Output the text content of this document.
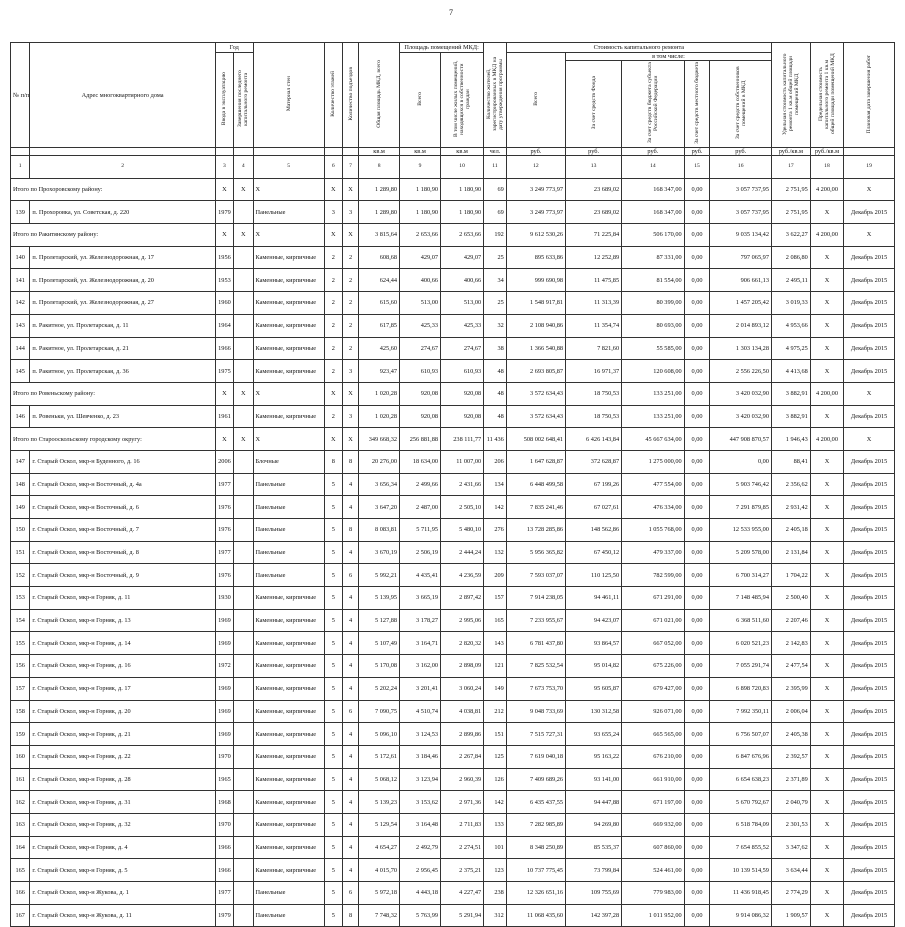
7
№ п/п	Адрес многоквартирного дома	Год		Материал стен	Количество этажей	Количество подъездов	Общая площадь МКД, всего	Площадь помещений МКД:		Количество жителей, зарегистрированных в МКД на дату утверждения программы	Стоимость капитального ремонта					Удельная стоимость капитального ремонта 1 кв.м общей площади помещений МКД	Предельная стоимость капитального ремонта 1 кв.м общей площади помещений МКД	Плановая дата завершения работ
		Ввода в эксплуатацию	Завершения последнего капитального ремонта					Всего	В том числе жилых помещений, находящихся в собственности граждан		Всего	в том числе:						
												За счет средств Фонда	За счет средств бюджета субъекта Российской Федерации	За счет средств местного бюджета	За счет средств собственников помещений в МКД			
							кв.м	кв.м	кв.м	чел.	руб.	руб.	руб.	руб.	руб.	руб./кв.м	руб./кв.м	
1	2	3	4	5	6	7	8	9	10	11	12	13	14	15	16	17	18	19
Итого по Прохоровскому району:		X	X	X	X	X	1 289,80	1 180,90	1 180,90	69	3 249 773,97	23 689,02	168 347,00	0,00	3 057 737,95	2 751,95	4 200,00	X
139	п. Прохоровка, ул. Советская, д. 220	1979		Панельные	3	3	1 289,80	1 180,90	1 180,90	69	3 249 773,97	23 689,02	168 347,00	0,00	3 057 737,95	2 751,95	X	Декабрь 2015
Итого по Ракитянскому району:		X	X	X	X	X	3 815,64	2 653,66	2 653,66	192	9 612 530,26	71 225,84	506 170,00	0,00	9 035 134,42	3 622,27	4 200,00	X
140	п. Пролетарский, ул. Железнодорожная, д. 17	1956		Каменные, кирпичные	2	2	608,68	429,07	429,07	25	895 633,86	12 252,89	87 331,00	0,00	797 065,97	2 086,80	X	Декабрь 2015
141	п. Пролетарский, ул. Железнодорожная, д. 20	1953		Каменные, кирпичные	2	2	624,44	400,66	400,66	34	999 690,98	11 475,85	81 554,00	0,00	906 661,13	2 495,11	X	Декабрь 2015
142	п. Пролетарский, ул. Железнодорожная, д. 27	1960		Каменные, кирпичные	2	2	615,60	513,00	513,00	25	1 548 917,81	11 313,39	80 399,00	0,00	1 457 205,42	3 019,33	X	Декабрь 2015
143	п. Ракитное, ул. Пролетарская, д. 11	1964		Каменные, кирпичные	2	2	617,85	425,33	425,33	32	2 108 940,86	11 354,74	80 693,00	0,00	2 014 893,12	4 953,66	X	Декабрь 2015
144	п. Ракитное, ул. Пролетарская, д. 21	1966		Каменные, кирпичные	2	2	425,60	274,67	274,67	38	1 366 540,88	7 821,60	55 585,00	0,00	1 303 134,28	4 975,25	X	Декабрь 2015
145	п. Ракитное, ул. Пролетарская, д. 36	1975		Каменные, кирпичные	2	3	923,47	610,93	610,93	48	2 693 805,87	16 971,37	120 608,00	0,00	2 556 226,50	4 413,68	X	Декабрь 2015
Итого по Ровеньскому району:		X	X	X	X	X	1 020,28	920,08	920,08	48	3 572 634,43	18 750,53	133 251,00	0,00	3 420 032,90	3 882,91	4 200,00	X
146	п. Ровеньки, ул. Шевченко, д. 23	1961		Каменные, кирпичные	2	3	1 020,28	920,08	920,08	48	3 572 634,43	18 750,53	133 251,00	0,00	3 420 032,90	3 882,91	X	Декабрь 2015
Итого по Старооскольскому городскому округу:		X	X	X	X	X	349 668,32	256 881,88	238 111,77	11 436	508 002 648,41	6 426 143,84	45 667 634,00	0,00	447 908 870,57	1 946,43	4 200,00	X
147	г. Старый Оскол, мкр-н Буденного, д. 16	2006		Блочные	8	8	20 276,00	18 634,00	11 007,00	206	1 647 628,87	372 628,87	1 275 000,00	0,00	0,00	88,41	X	Декабрь 2015
148	г. Старый Оскол, мкр-н Восточный, д. 4а	1977		Панельные	5	4	3 656,34	2 499,66	2 431,66	134	6 448 499,58	67 199,26	477 554,00	0,00	5 903 746,42	2 356,62	X	Декабрь 2015
149	г. Старый Оскол, мкр-н Восточный, д. 6	1976		Панельные	5	4	3 647,20	2 487,00	2 505,10	142	7 835 241,46	67 027,61	476 334,00	0,00	7 291 879,85	2 931,42	X	Декабрь 2015
150	г. Старый Оскол, мкр-н Восточный, д. 7	1976		Панельные	5	8	8 083,81	5 711,95	5 480,10	276	13 728 285,86	148 562,86	1 055 768,00	0,00	12 533 955,00	2 405,18	X	Декабрь 2015
151	г. Старый Оскол, мкр-н Восточный, д. 8	1977		Панельные	5	4	3 670,19	2 506,19	2 444,24	132	5 956 365,82	67 450,12	479 337,00	0,00	5 209 578,00	2 131,84	X	Декабрь 2015
152	г. Старый Оскол, мкр-н Восточный, д. 9	1976		Панельные	5	6	5 992,21	4 435,41	4 236,59	209	7 593 037,07	110 125,50	782 599,00	0,00	6 700 314,27	1 704,22	X	Декабрь 2015
153	г. Старый Оскол, мкр-н Горняк, д. 11	1930		Каменные, кирпичные	5	4	5 139,95	3 665,19	2 897,42	157	7 914 238,05	94 461,11	671 291,00	0,00	7 148 485,94	2 500,40	X	Декабрь 2015
154	г. Старый Оскол, мкр-н Горняк, д. 13	1969		Каменные, кирпичные	5	4	5 127,88	3 178,27	2 995,06	165	7 233 955,67	94 423,07	671 021,00	0,00	6 368 511,60	2 207,46	X	Декабрь 2015
155	г. Старый Оскол, мкр-н Горняк, д. 14	1969		Каменные, кирпичные	5	4	5 107,49	3 164,71	2 820,32	143	6 781 437,80	93 864,57	667 052,00	0,00	6 020 521,23	2 142,83	X	Декабрь 2015
156	г. Старый Оскол, мкр-н Горняк, д. 16	1972		Каменные, кирпичные	5	4	5 170,08	3 162,00	2 898,09	121	7 825 532,54	95 014,82	675 226,00	0,00	7 055 291,74	2 477,54	X	Декабрь 2015
157	г. Старый Оскол, мкр-н Горняк, д. 17	1969		Каменные, кирпичные	5	4	5 202,24	3 201,41	3 060,24	149	7 673 753,70	95 605,87	679 427,00	0,00	6 898 720,83	2 395,99	X	Декабрь 2015
158	г. Старый Оскол, мкр-н Горняк, д. 20	1969		Каменные, кирпичные	5	6	7 090,75	4 510,74	4 038,81	212	9 048 733,69	130 312,58	926 071,00	0,00	7 992 350,11	2 006,04	X	Декабрь 2015
159	г. Старый Оскол, мкр-н Горняк, д. 21	1969		Каменные, кирпичные	5	4	5 096,10	3 124,53	2 899,86	151	7 515 727,31	93 655,24	665 565,00	0,00	6 756 507,07	2 405,38	X	Декабрь 2015
160	г. Старый Оскол, мкр-н Горняк, д. 22	1970		Каменные, кирпичные	5	4	5 172,61	3 184,46	2 267,84	125	7 619 040,18	95 163,22	676 210,00	0,00	6 847 676,96	2 392,57	X	Декабрь 2015
161	г. Старый Оскол, мкр-н Горняк, д. 28	1965		Каменные, кирпичные	5	4	5 068,12	3 123,94	2 960,39	126	7 409 689,26	93 141,00	661 910,00	0,00	6 654 638,23	2 371,89	X	Декабрь 2015
162	г. Старый Оскол, мкр-н Горняк, д. 31	1968		Каменные, кирпичные	5	4	5 139,23	3 153,62	2 971,36	142	6 435 437,55	94 447,88	671 197,00	0,00	5 670 792,67	2 040,79	X	Декабрь 2015
163	г. Старый Оскол, мкр-н Горняк, д. 32	1970		Каменные, кирпичные	5	4	5 129,54	3 164,48	2 711,83	133	7 282 985,89	94 269,80	669 932,00	0,00	6 518 784,09	2 301,53	X	Декабрь 2015
164	г. Старый Оскол, мкр-н Горняк, д. 4	1966		Каменные, кирпичные	5	4	4 654,27	2 492,79	2 274,51	101	8 348 250,89	85 535,37	607 860,00	0,00	7 654 855,52	3 347,62	X	Декабрь 2015
165	г. Старый Оскол, мкр-н Горняк, д. 5	1966		Каменные, кирпичные	5	4	4 015,70	2 956,45	2 375,21	123	10 737 775,45	73 799,84	524 461,00	0,00	10 139 514,59	3 634,44	X	Декабрь 2015
166	г. Старый Оскол, мкр-н Жукова, д. 1	1977		Панельные	5	6	5 972,18	4 443,18	4 227,47	238	12 326 651,16	109 755,69	779 983,00	0,00	11 436 918,45	2 774,29	X	Декабрь 2015
167	г. Старый Оскол, мкр-н Жукова, д. 11	1979		Панельные	5	8	7 748,32	5 763,99	5 291,94	312	11 068 435,60	142 397,28	1 011 952,00	0,00	9 914 086,32	1 909,57	X	Декабрь 2015
